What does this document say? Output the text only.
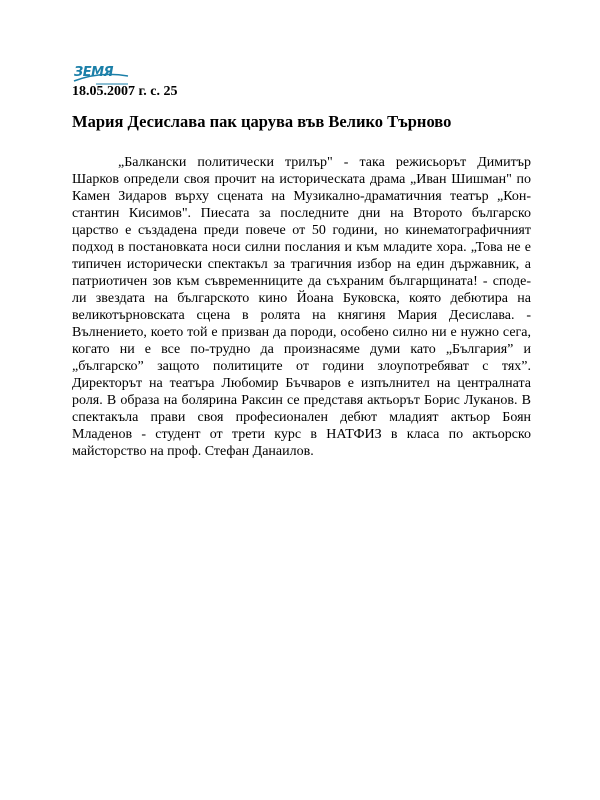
ЗЕМЯ
18.05.2007 г. с. 25
Мария Десислава пак царува във Велико Търново

„Балкански политически трилър" - така режисьорът Димитър Шарков определи своя прочит на историческата драма „Иван Шишман" по Камен Зидаров върху сцената на Музикално-драматичния театър „Кон- стантин Кисимов". Пиесата за последните дни на Второто българско царство е създадена преди повече от 50 години, но кинематографичният подход в постановката носи силни послания и към младите хора. „Това не е типичен исторически спектакъл за трагичния избор на един държавник, а патриотичен зов към съвременниците да съхраним българщината! - споде- ли звездата на българското кино Йоана Буковска, която дебютира на великотърновската сцена в ролята на княгиня Мария Десислава. - Вълнението, което той е призван да породи, особено силно ни е нужно сега, когато ни е все по-трудно да произнасяме думи като „България” и „българско” защото политиците от години злоупотребяват с тях”. Директорът на театъра Любомир Бъчваров е изпълнител на централната роля. В образа на болярина Раксин се представя актьорът Борис Луканов. В спектакъла прави своя професионален дебют младият актьор Боян Младенов - студент от трети курс в НАТФИЗ в класа по актьорско майсторство на проф. Стефан Данаилов.
